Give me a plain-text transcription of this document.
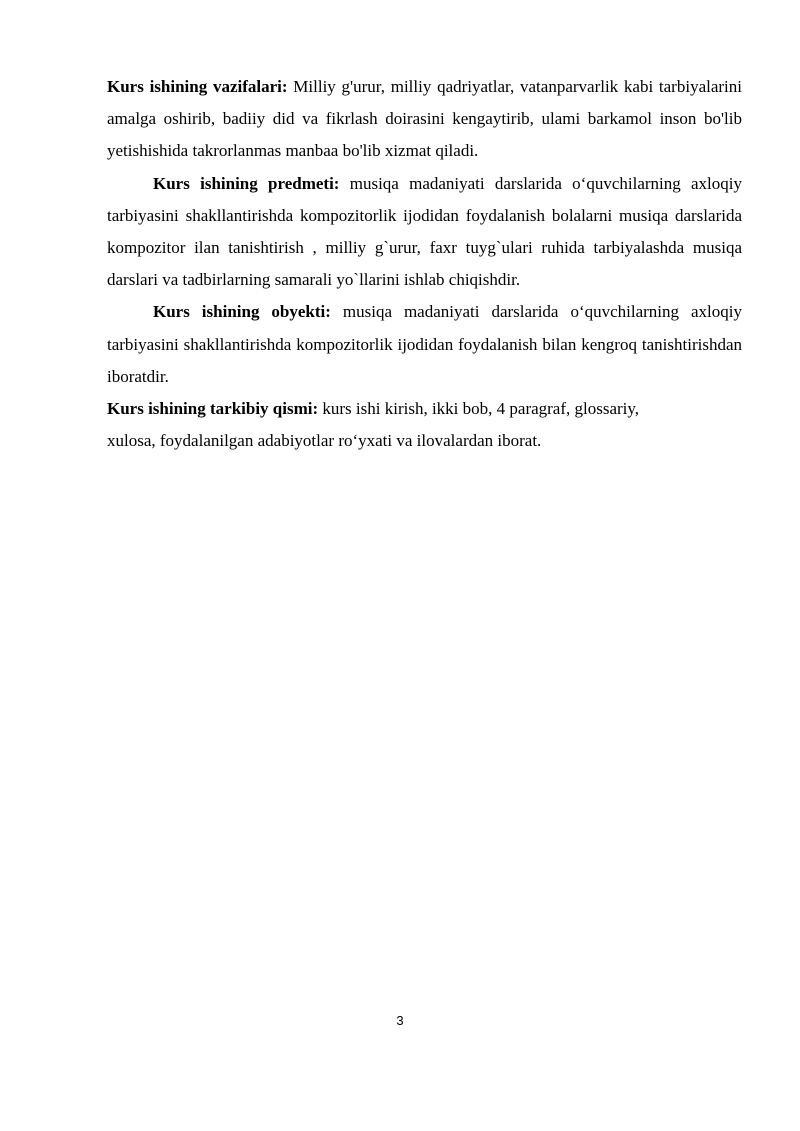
Kurs ishining vazifalari: Milliy g'urur, milliy qadriyatlar, vatanparvarlik kabi tarbiyalarini amalga oshirib, badiiy did va fikrlash doirasini kengaytirib, ulami barkamol inson bo'lib yetishishida takrorlanmas manbaa bo'lib xizmat qiladi.

Kurs ishining predmeti: musiqa madaniyati darslarida o‘quvchilarning axloqiy tarbiyasini shakllantirishda kompozitorlik ijodidan foydalanish bolalarni musiqa darslarida kompozitor ilan tanishtirish , milliy g`urur, faxr tuyg`ulari ruhida tarbiyalashda musiqa darslari va tadbirlarning samarali yo`llarini ishlab chiqishdir.

Kurs ishining obyekti: musiqa madaniyati darslarida o‘quvchilarning axloqiy tarbiyasini shakllantirishda kompozitorlik ijodidan foydalanish bilan kengroq tanishtirishdan iboratdir.

Kurs ishining tarkibiy qismi: kurs ishi kirish, ikki bob, 4 paragraf, glossariy,
xulosa, foydalanilgan adabiyotlar ro‘yxati va ilovalardan iborat.

3
